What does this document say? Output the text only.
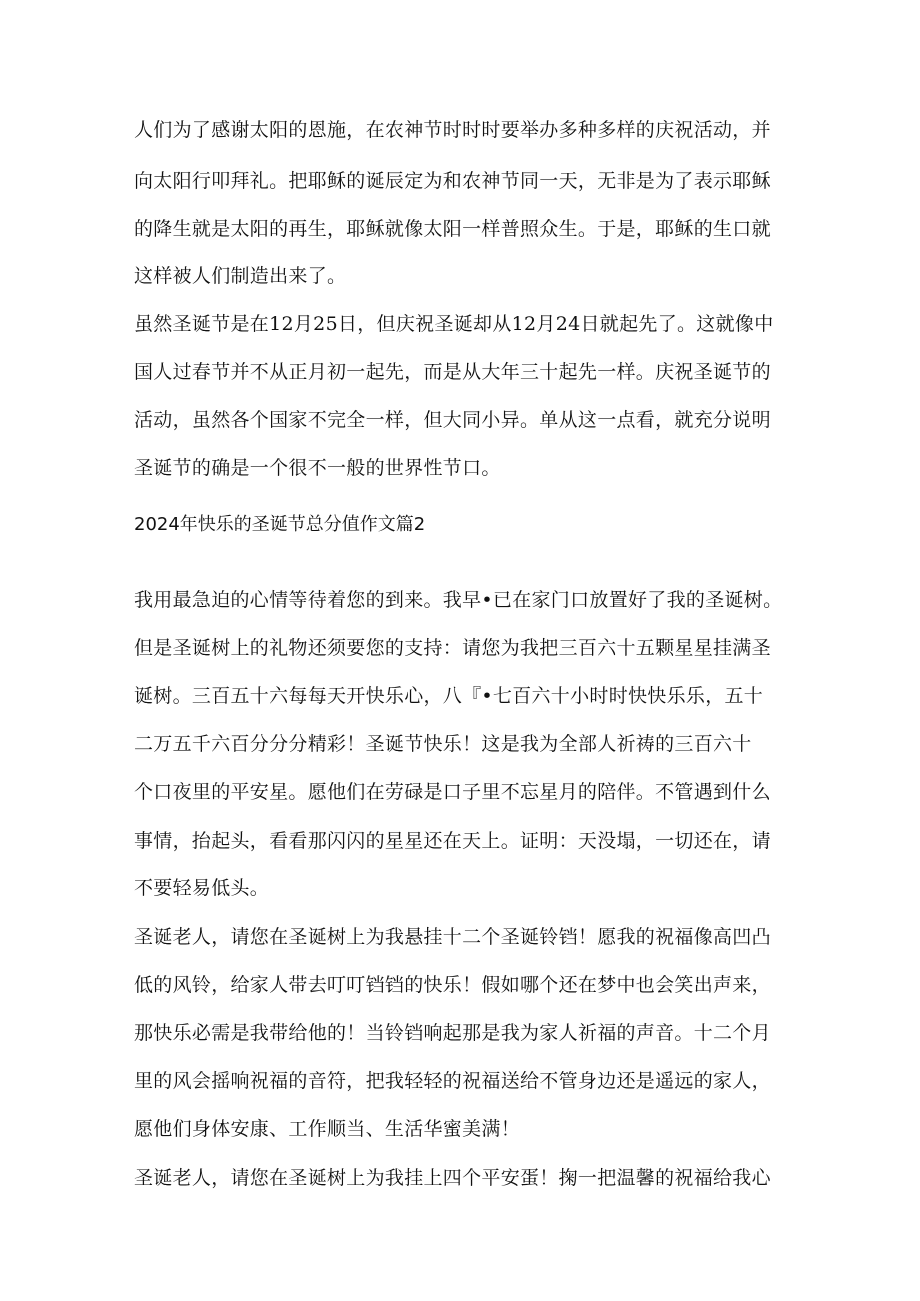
人们为了感谢太阳的恩施，在农神节时时时要举办多种多样的庆祝活动，并
向太阳行叩拜礼。把耶稣的诞辰定为和农神节同一天，无非是为了表示耶稣
的降生就是太阳的再生，耶稣就像太阳一样普照众生。于是，耶稣的生口就
这样被人们制造出来了。
虽然圣诞节是在12月25日，但庆祝圣诞却从12月24日就起先了。这就像中
国人过春节并不从正月初一起先，而是从大年三十起先一样。庆祝圣诞节的
活动，虽然各个国家不完全一样，但大同小异。单从这一点看，就充分说明
圣诞节的确是一个很不一般的世界性节口。
2024年快乐的圣诞节总分值作文篇2
我用最急迫的心情等待着您的到来。我早•已在家门口放置好了我的圣诞树。
但是圣诞树上的礼物还须要您的支持：请您为我把三百六十五颗星星挂满圣
诞树。三百五十六每每天开快乐心，八『•七百六十小时时快快乐乐，五十
二万五千六百分分分精彩！圣诞节快乐！这是我为全部人祈祷的三百六十
个口夜里的平安星。愿他们在劳碌是口子里不忘星月的陪伴。不管遇到什么
事情，抬起头，看看那闪闪的星星还在天上。证明：天没塌，一切还在，请
不要轻易低头。
圣诞老人，请您在圣诞树上为我悬挂十二个圣诞铃铛！愿我的祝福像高凹凸
低的风铃，给家人带去叮叮铛铛的快乐！假如哪个还在梦中也会笑出声来，
那快乐必需是我带给他的！当铃铛响起那是我为家人祈福的声音。十二个月
里的风会摇响祝福的音符，把我轻轻的祝福送给不管身边还是遥远的家人，
愿他们身体安康、工作顺当、生活华蜜美满！
圣诞老人，请您在圣诞树上为我挂上四个平安蛋！掬一把温馨的祝福给我心
